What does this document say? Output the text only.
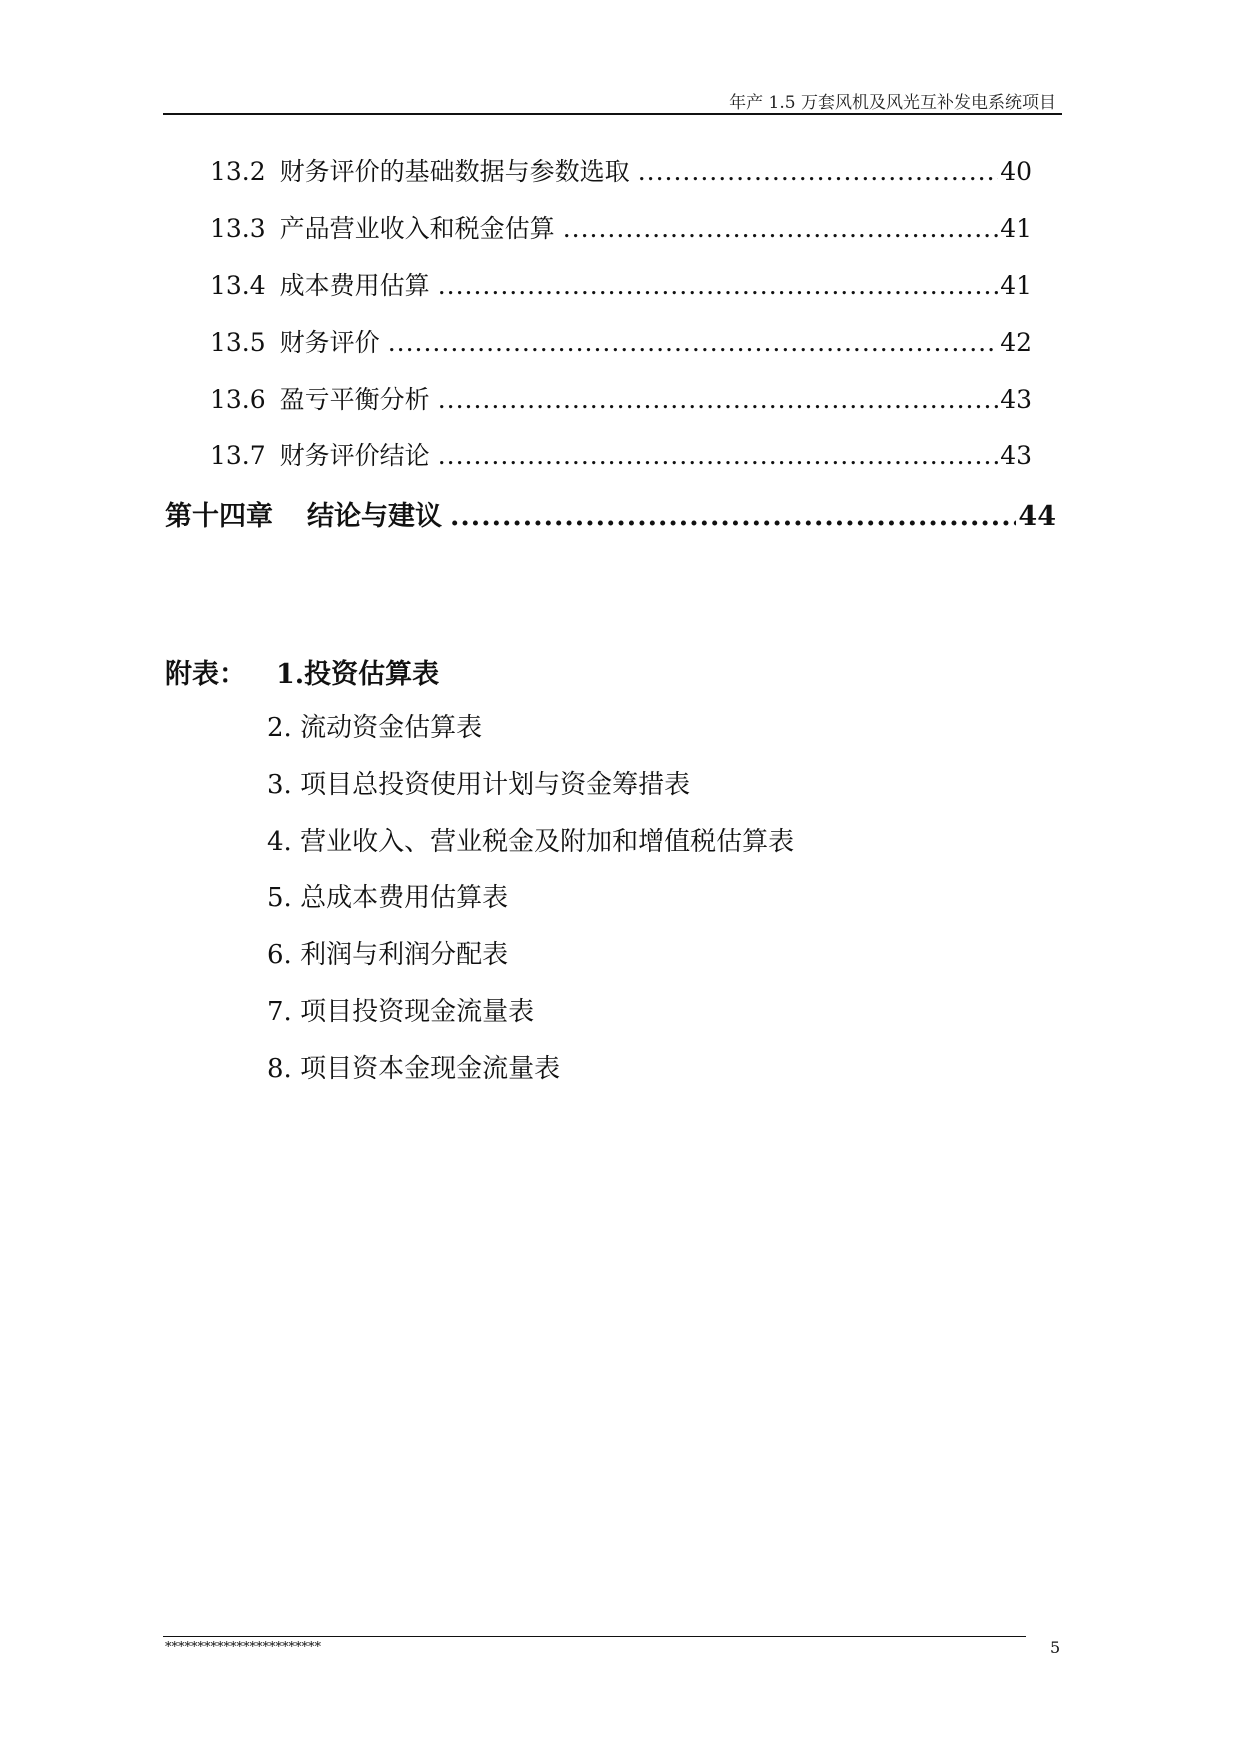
年产 1.5 万套风机及风光互补发电系统项目
13.2 财务评价的基础数据与参数选取 .....	40
13.3 产品营业收入和税金估算 .....	41
13.4 成本费用估算 .....	41
13.5 财务评价 .....	42
13.6 盈亏平衡分析 .....	43
13.7 财务评价结论 .....	43
第十四章 结论与建议 .....	44
附表： 1.投资估算表
2. 流动资金估算表
3. 项目总投资使用计划与资金筹措表
4. 营业收入、营业税金及附加和增值税估算表
5. 总成本费用估算表
6. 利润与利润分配表
7. 项目投资现金流量表
8. 项目资本金现金流量表
************************	5
